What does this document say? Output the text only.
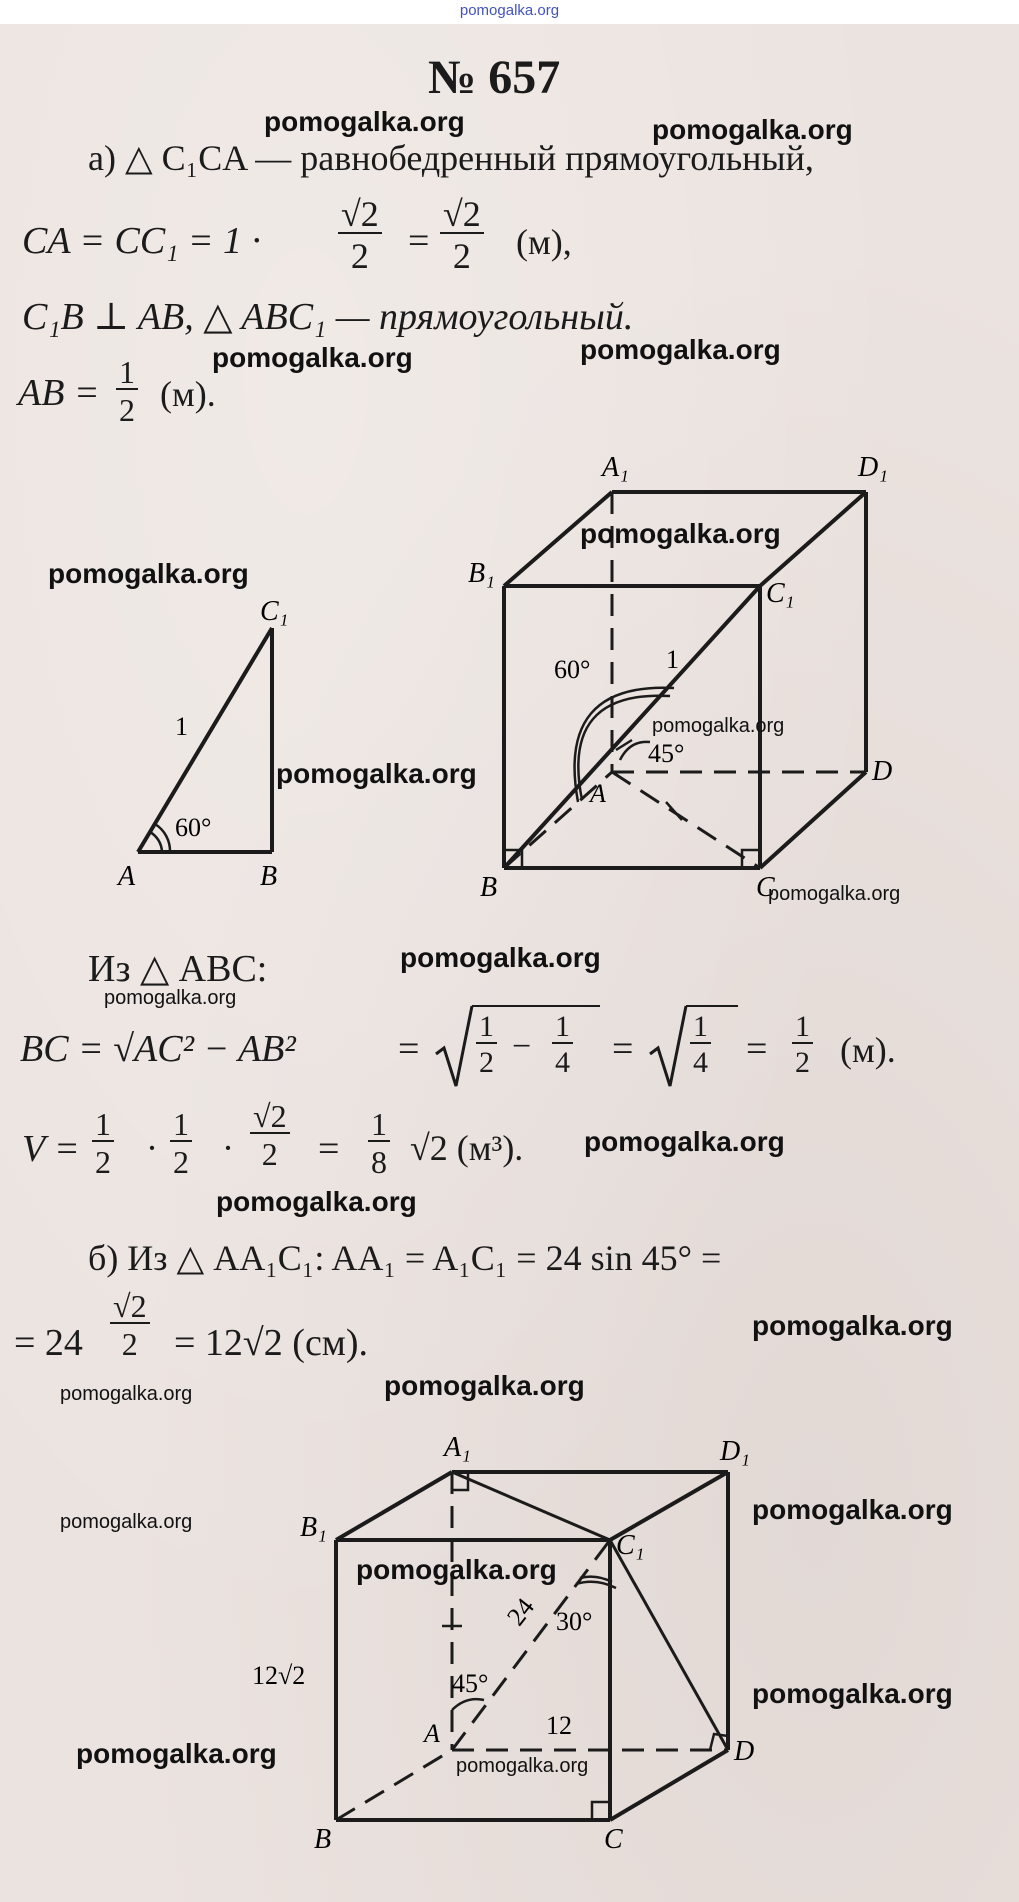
pomogalka.org
№ 657
а) △ C₁CA — равнобедренный прямоугольный,
CA = $CC_1 = 1 \cdot \frac{√2}{2} = \frac{√2}{2} (м)$,
C₁B ⊥ AB, △ ABC₁ — прямоугольный.
AB = $\frac{1}{2} (м)$.
A	B
C₁
1
60°
A₁	D₁
B₁
C₁
1
60°
45°
A
D
B	C
Из △ ABC:
BC = √AC² − AB²	= $\frac{1}{2} - \frac{1}{4} = \frac{1}{4} = \frac{1}{2} (м)$.
$V = \frac{1}{2} \cdot \frac{1}{2} \cdot \frac{√2}{2} = \frac{1}{8} √2$ (м³).
б) Из △ AA₁C₁: AA₁ = A₁C₁ = 24 sin 45° =
= $24 \frac{√2}{2} = 12√2$ (см).
A₁	D₁
B₁
C₁
24 30°
45°
12√2
A	12
D
B	C
pomogalka.org	pomogalka.org
pomogalka.org	pomogalka.org
pomogalka.org
pomogalka.org
pomogalka.org
pomogalka.org
pomogalka.org
pomogalka.org
pomogalka.org
pomogalka.org
pomogalka.org
pomogalka.org
pomogalka.org	pomogalka.org
pomogalka.org
pomogalka.org
pomogalka.org
pomogalka.org
pomogalka.org	pomogalka.org
